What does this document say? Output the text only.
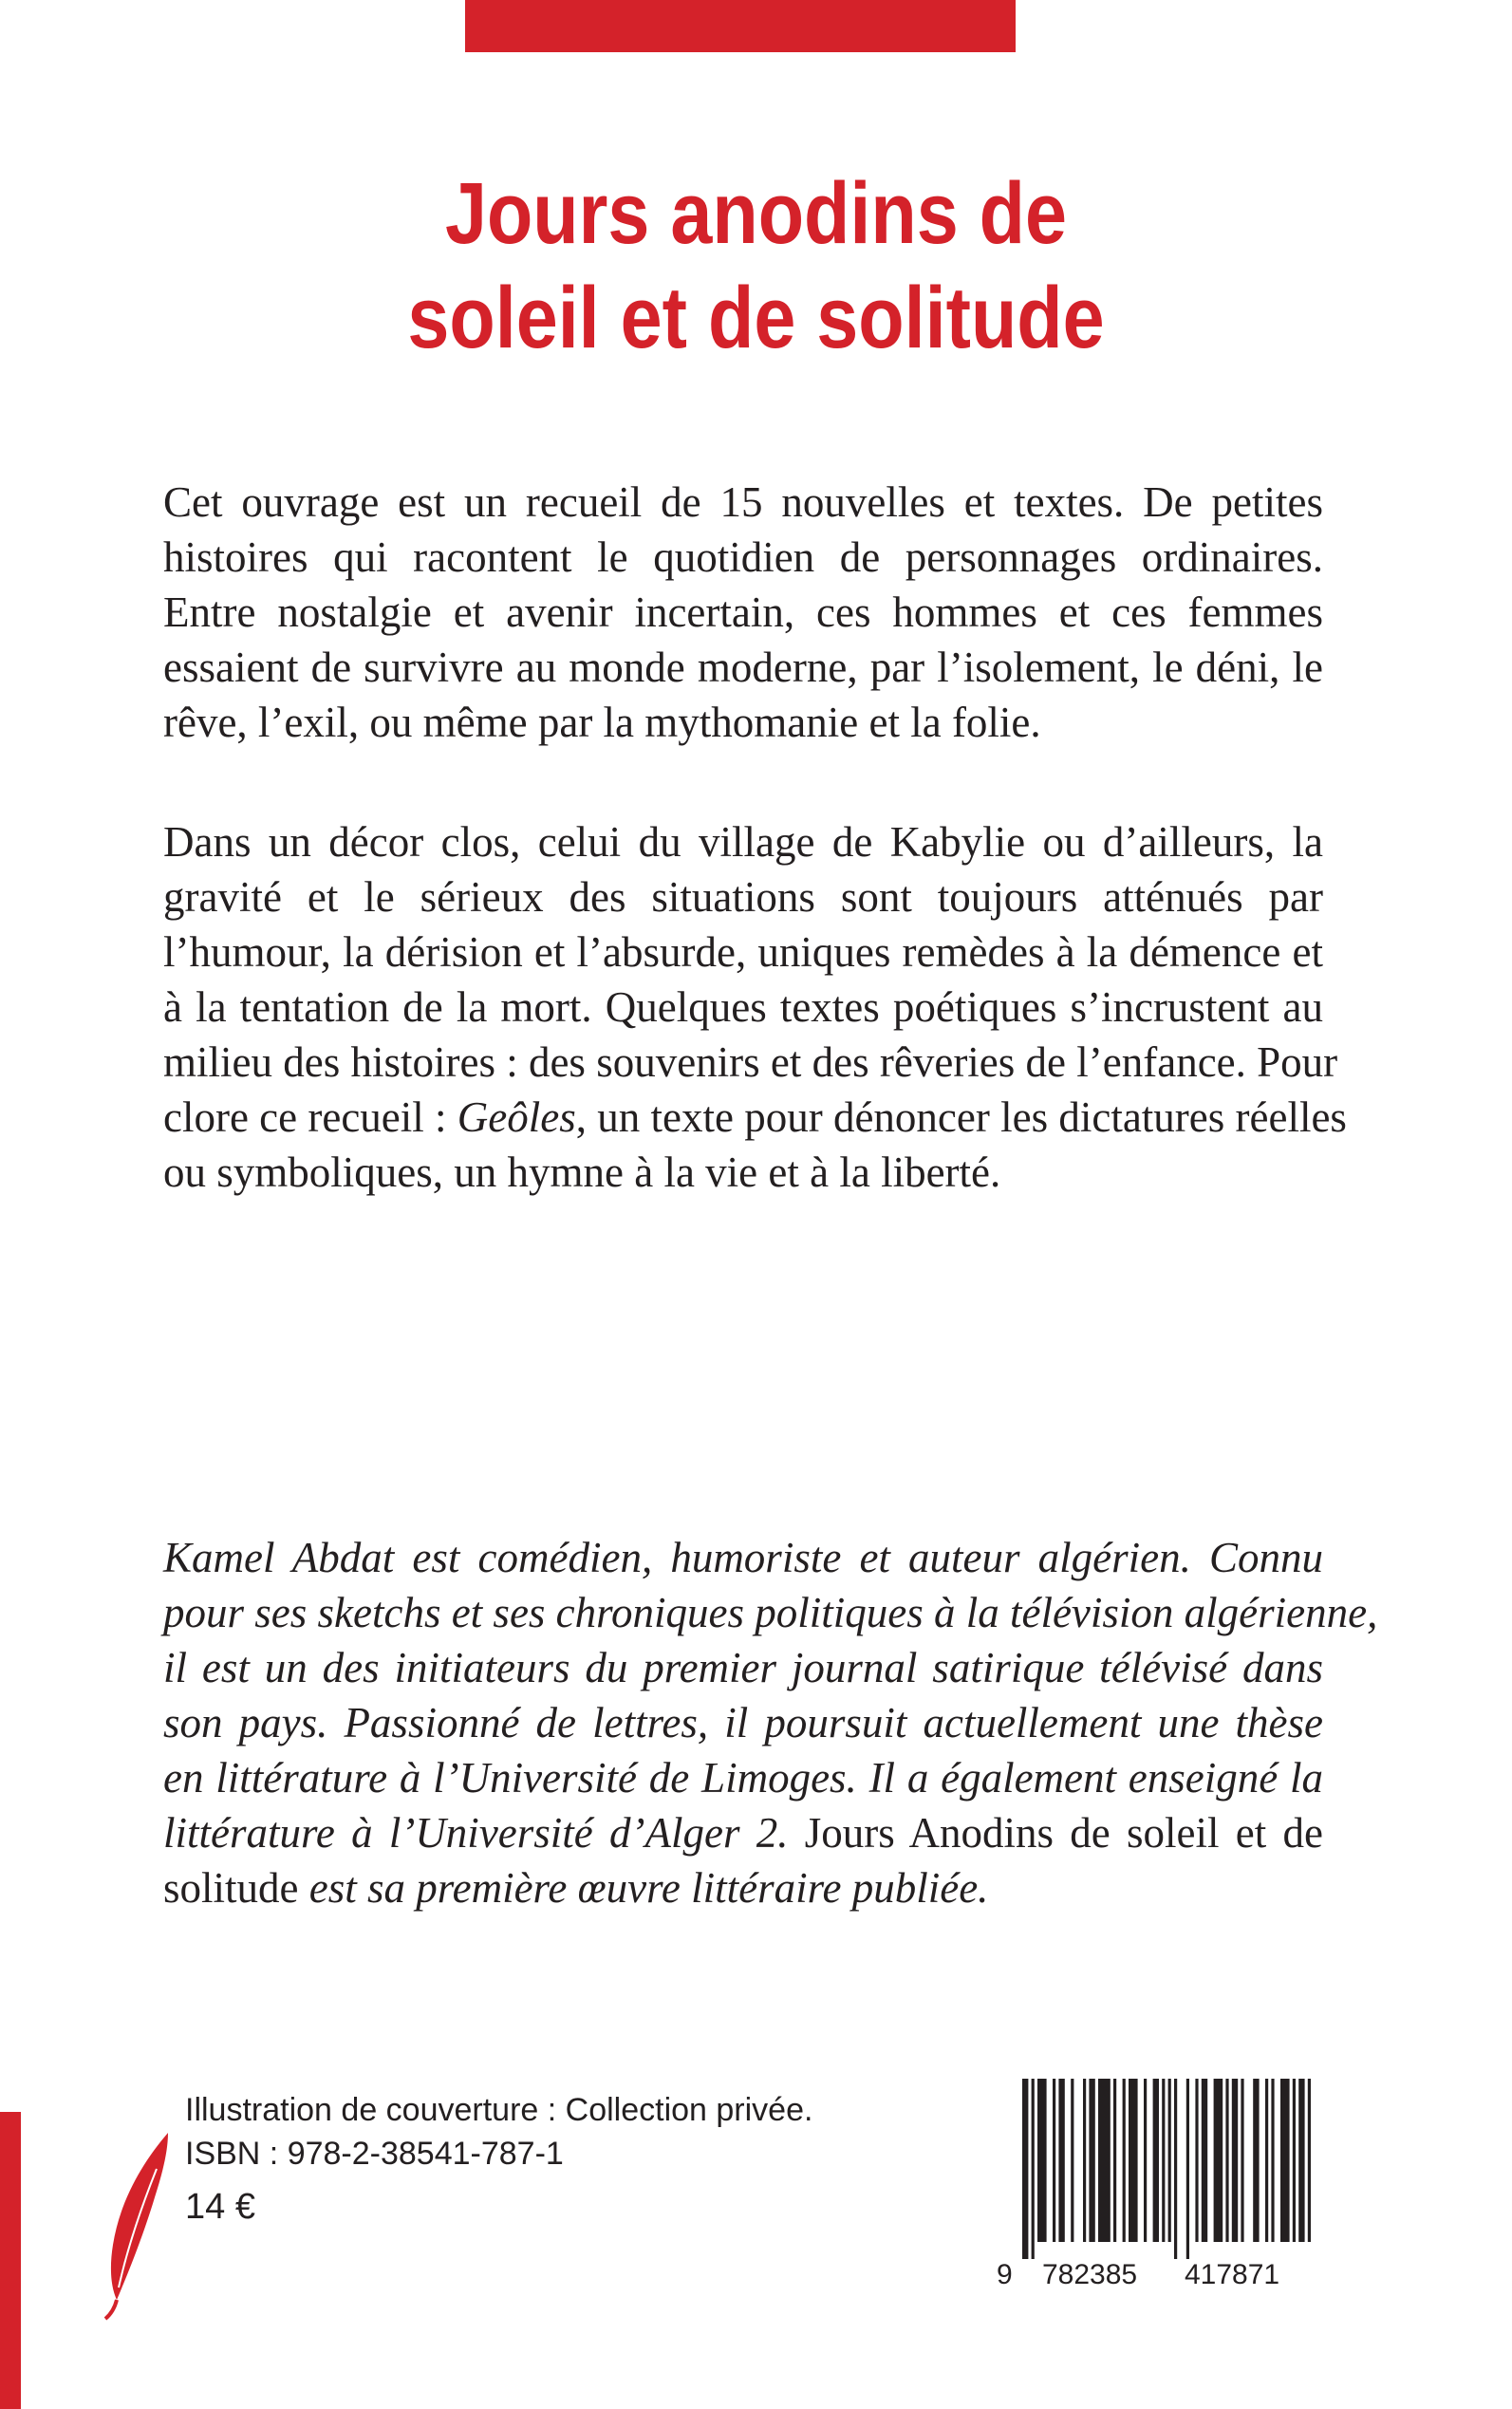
Jours anodins de
soleil et de solitude
Cet ouvrage est un recueil de 15 nouvelles et textes. De petites
histoires qui racontent le quotidien de personnages ordinaires.
Entre nostalgie et avenir incertain, ces hommes et ces femmes
essaient de survivre au monde moderne, par l’isolement, le déni, le
rêve, l’exil, ou même par la mythomanie et la folie.
Dans un décor clos, celui du village de Kabylie ou d’ailleurs, la
gravité et le sérieux des situations sont toujours atténués par
l’humour, la dérision et l’absurde, uniques remèdes à la démence et
à la tentation de la mort. Quelques textes poétiques s’incrustent au
milieu des histoires : des souvenirs et des rêveries de l’enfance. Pour
clore ce recueil : Geôles, un texte pour dénoncer les dictatures réelles
ou symboliques, un hymne à la vie et à la liberté.
Kamel Abdat est comédien, humoriste et auteur algérien. Connu
pour ses sketchs et ses chroniques politiques à la télévision algérienne,
il est un des initiateurs du premier journal satirique télévisé dans
son pays. Passionné de lettres, il poursuit actuellement une thèse
en littérature à l’Université de Limoges. Il a également enseigné la
littérature à l’Université d’Alger 2. Jours Anodins de soleil et de
solitude est sa première œuvre littéraire publiée.
Illustration de couverture : Collection privée.
ISBN : 978-2-38541-787-1
14 €
9 782385 417871
